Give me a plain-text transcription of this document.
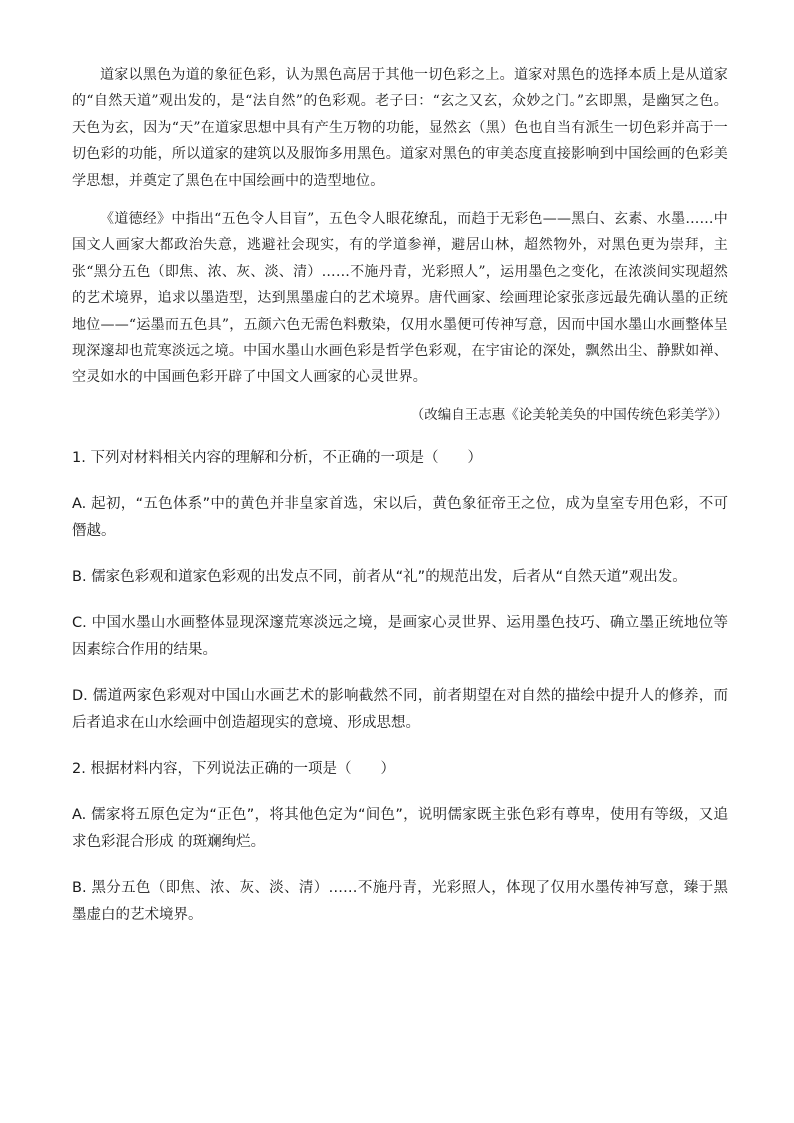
道家以黑色为道的象征色彩，认为黑色高居于其他一切色彩之上。道家对黑色的选择本质上是从道家的“自然天道”观出发的，是“法自然”的色彩观。老子曰：“玄之又玄，众妙之门。”玄即黑，是幽冥之色。天色为玄，因为“天”在道家思想中具有产生万物的功能，显然玄（黑）色也自当有派生一切色彩并高于一切色彩的功能，所以道家的建筑以及服饰多用黑色。道家对黑色的审美态度直接影响到中国绘画的色彩美学思想，并奠定了黑色在中国绘画中的造型地位。

《道德经》中指出“五色令人目盲”，五色令人眼花缭乱，而趋于无彩色——黑白、玄素、水墨……中国文人画家大都政治失意，逃避社会现实，有的学道参禅，避居山林，超然物外，对黑色更为崇拜，主张“黑分五色（即焦、浓、灰、淡、清）……不施丹青，光彩照人”，运用墨色之变化，在浓淡间实现超然的艺术境界，追求以墨造型，达到黑墨虚白的艺术境界。唐代画家、绘画理论家张彦远最先确认墨的正统地位——“运墨而五色具”，五颜六色无需色料敷染，仅用水墨便可传神写意，因而中国水墨山水画整体呈现深邃却也荒寒淡远之境。中国水墨山水画色彩是哲学色彩观，在宇宙论的深处，飘然出尘、静默如禅、空灵如水的中国画色彩开辟了中国文人画家的心灵世界。

（改编自王志惠《论美轮美奂的中国传统色彩美学》）
1. 下列对材料相关内容的理解和分析，不正确的一项是（　　）
A. 起初，“五色体系”中的黄色并非皇家首选，宋以后，黄色象征帝王之位，成为皇室专用色彩，不可僭越。
B. 儒家色彩观和道家色彩观的出发点不同，前者从“礼”的规范出发，后者从“自然天道”观出发。
C. 中国水墨山水画整体显现深邃荒寒淡远之境，是画家心灵世界、运用墨色技巧、确立墨正统地位等因素综合作用的结果。
D. 儒道两家色彩观对中国山水画艺术的影响截然不同，前者期望在对自然的描绘中提升人的修养，而后者追求在山水绘画中创造超现实的意境、形成思想。
2. 根据材料内容，下列说法正确的一项是（　　）
A. 儒家将五原色定为“正色”，将其他色定为“间色”，说明儒家既主张色彩有尊卑，使用有等级，又追求色彩混合形成 的斑斓绚烂。
B. 黑分五色（即焦、浓、灰、淡、清）……不施丹青，光彩照人，体现了仅用水墨传神写意，臻于黑墨虚白的艺术境界。
